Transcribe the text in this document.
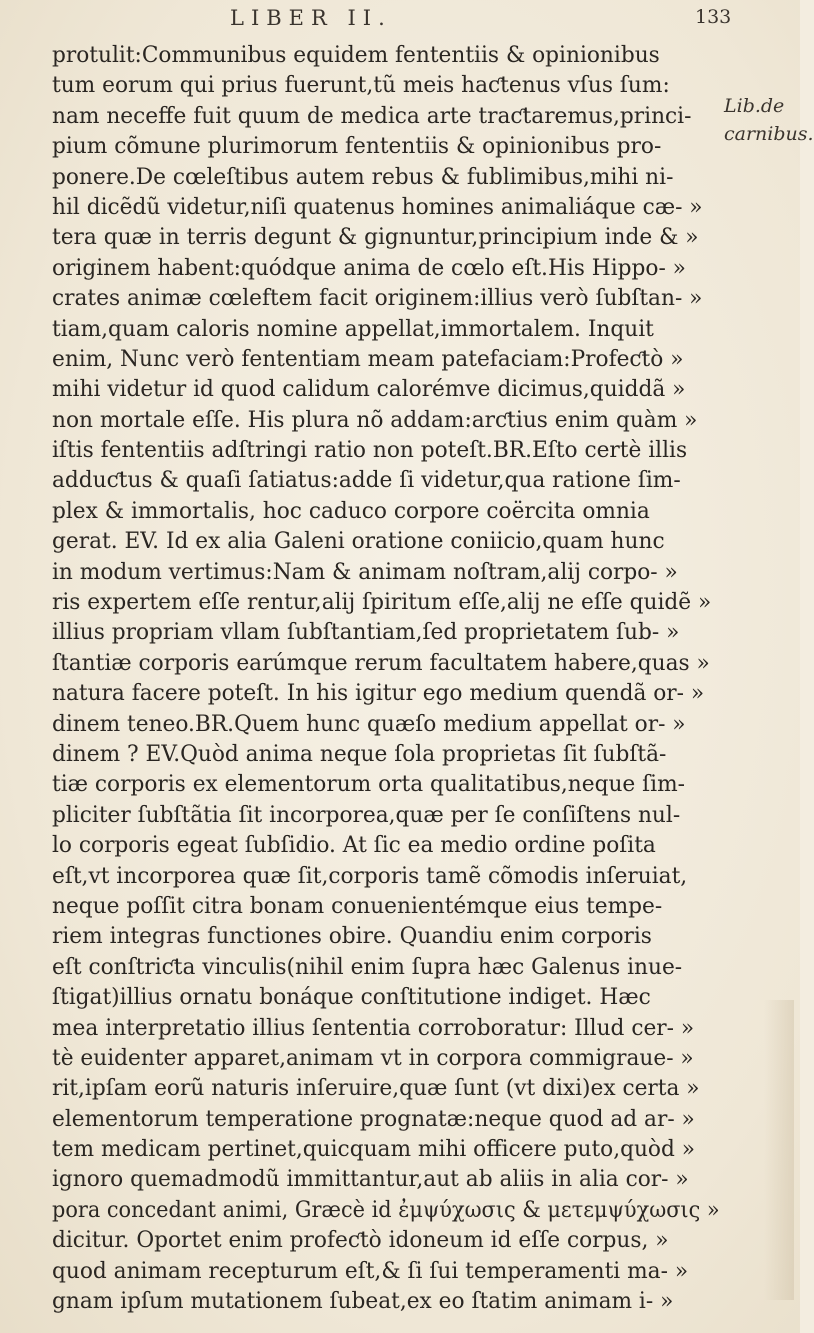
LIBER II.	133
protulit:Communibus equidem fententiis & opinionibus
tum eorum qui prius fuerunt,tũ meis haƈtenus vſus ſum:
nam neceffe fuit quum de medica arte traƈtaremus,princi-
pium cõmune plurimorum fententiis & opinionibus pro-
ponere.De cœleſtibus autem rebus & fublimibus,mihi ni-
hil dicẽdũ videtur,niſi quatenus homines animaliáque cæ- »
tera quæ in terris degunt & gignuntur,principium inde & »
originem habent:quódque anima de cœlo eſt.His Hippo- »
crates animæ cœleftem facit originem:illius verò ſubſtan- »
tiam,quam caloris nomine appellat,immortalem. Inquit
enim, Nunc verò fententiam meam patefaciam:Profeƈtò »
mihi videtur id quod calidum calorémve dicimus,quiddã »
non mortale eſſe. His plura nõ addam:arƈtius enim quàm »
iſtis fententiis adſtringi ratio non poteſt.BR.Eſto certè illis
adduƈtus & quaſi ſatiatus:adde ſi videtur,qua ratione ſim-
plex & immortalis, hoc caduco corpore coërcita omnia
gerat. EV. Id ex alia Galeni oratione coniicio,quam hunc
in modum vertimus:Nam & animam noſtram,alij corpo- »
ris expertem eſſe rentur,alij ſpiritum eſſe,alij ne eſſe quidẽ »
illius propriam vllam ſubſtantiam,ſed proprietatem ſub- »
ſtantiæ corporis earúmque rerum facultatem habere,quas »
natura facere poteſt. In his igitur ego medium quendã or- »
dinem teneo.BR.Quem hunc quæſo medium appellat or- »
dinem ? EV.Quòd anima neque ſola proprietas ſit ſubſtã-
tiæ corporis ex elementorum orta qualitatibus,neque ſim-
pliciter ſubſtãtia ſit incorporea,quæ per ſe conſiſtens nul-
lo corporis egeat ſubſidio. At ſic ea medio ordine poſita
eſt,vt incorporea quæ ſit,corporis tamẽ cõmodis inſeruiat,
neque poſſit citra bonam conuenientémque eius tempe-
riem integras functiones obire. Quandiu enim corporis
eſt conſtriƈta vinculis(nihil enim ſupra hæc Galenus inue-
ſtigat)illius ornatu bonáque conſtitutione indiget. Hæc
mea interpretatio illius ſententia corroboratur: Illud cer- »
tè euidenter apparet,animam vt in corpora commigraue- »
rit,ipſam eorũ naturis inſeruire,quæ ſunt (vt dixi)ex certa »
elementorum temperatione prognatæ:neque quod ad ar- »
tem medicam pertinet,quicquam mihi officere puto,quòd »
ignoro quemadmodũ immittantur,aut ab aliis in alia cor- »
pora concedant animi, Græcè id ἐμψύχωσις & μετεμψύχωσις »
dicitur. Oportet enim profeƈtò idoneum id eſſe corpus, »
quod animam recepturum eſt,& ſi ſui temperamenti ma- »
gnam ipſum mutationem ſubeat,ex eo ſtatim animam i- »
Lib.de
carnibus.
